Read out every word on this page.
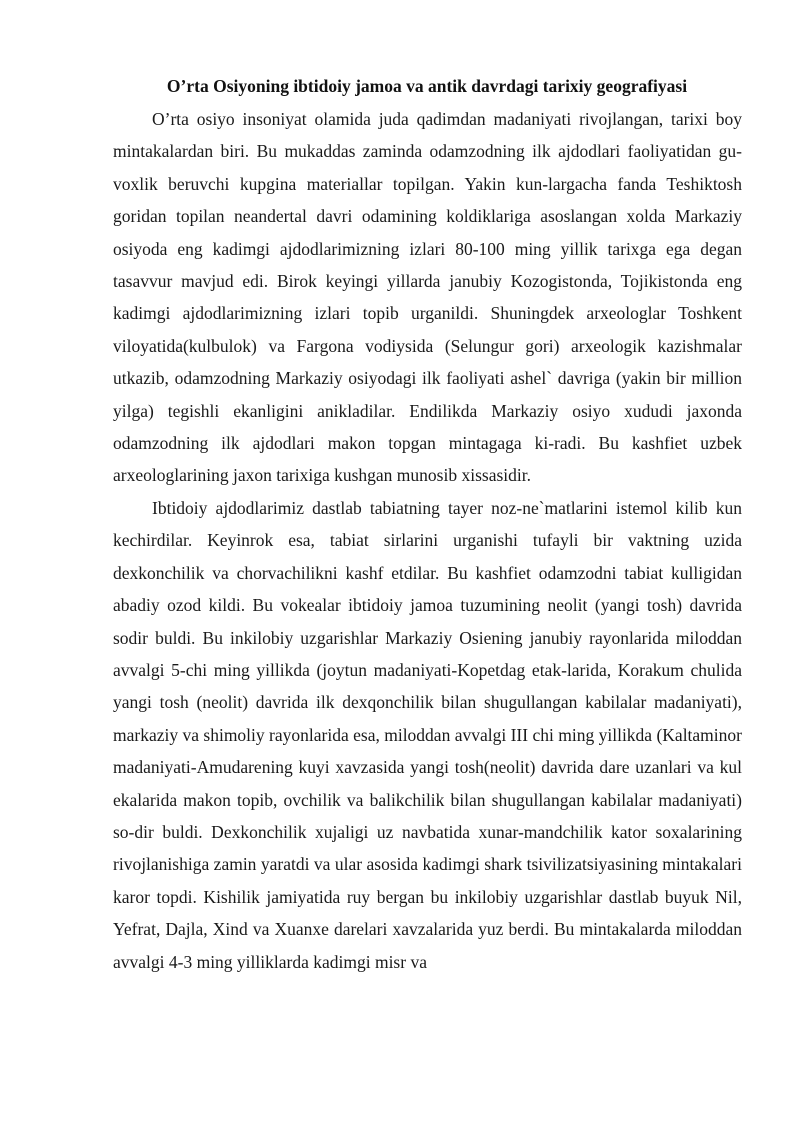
O’rta Osiyoning ibtidoiy jamoa va antik davrdagi tarixiy geografiyasi

O’rta osiyo insoniyat olamida juda qadimdan madaniyati rivojlangan, tarixi boy mintakalardan biri. Bu mukaddas zaminda odamzodning ilk ajdodlari faoliyatidan gu-voxlik beruvchi kupgina materiallar topilgan. Yakin kun-largacha fanda Teshiktosh goridan topilan neandertal davri odamining koldiklariga asoslangan xolda Markaziy osiyoda eng kadimgi ajdodlarimizning izlari 80-100 ming yillik tarixga ega degan tasavvur mavjud edi. Birok keyingi yillarda janubiy Kozogistonda, Tojikistonda eng kadimgi ajdodlarimizning izlari topib urganildi. Shuningdek arxeologlar Toshkent viloyatida(kulbulok) va Fargona vodiysida (Selungur gori) arxeologik kazishmalar utkazib, odamzodning Markaziy osiyodagi ilk faoliyati ashel` davriga (yakin bir million yilga) tegishli ekanligini anikladilar. Endilikda Markaziy osiyo xududi jaxonda odamzodning ilk ajdodlari makon topgan mintagaga ki-radi. Bu kashfiet uzbek arxeologlarining jaxon tarixiga kushgan munosib xissasidir.

Ibtidoiy ajdodlarimiz dastlab tabiatning tayer noz-ne`matlarini istemol kilib kun kechirdilar. Keyinrok esa, tabiat sirlarini urganishi tufayli bir vaktning uzida dexkonchilik va chorvachilikni kashf etdilar. Bu kashfiet odamzodni tabiat kulligidan abadiy ozod kildi. Bu vokealar ibtidoiy jamoa tuzumining neolit (yangi tosh) davrida sodir buldi. Bu inkilobiy uzgarishlar Markaziy Osiening janubiy rayonlarida miloddan avvalgi 5-chi ming yillikda (joytun madaniyati-Kopetdag etak-larida, Korakum chulida yangi tosh (neolit) davrida ilk dexqonchilik bilan shugullangan kabilalar madaniyati), markaziy va shimoliy rayonlarida esa, miloddan avvalgi III chi ming yillikda (Kaltaminor madaniyati-Amudarening kuyi xavzasida yangi tosh(neolit) davrida dare uzanlari va kul ekalarida makon topib, ovchilik va balikchilik bilan shugullangan kabilalar madaniyati) so-dir buldi. Dexkonchilik xujaligi uz navbatida xunar-mandchilik kator soxalarining rivojlanishiga zamin yaratdi va ular asosida kadimgi shark tsivilizatsiyasining mintakalari karor topdi. Kishilik jamiyatida ruy bergan bu inkilobiy uzgarishlar dastlab buyuk Nil, Yefrat, Dajla, Xind va Xuanxe darelari xavzalarida yuz berdi. Bu mintakalarda miloddan avvalgi 4-3 ming yilliklarda kadimgi misr va
